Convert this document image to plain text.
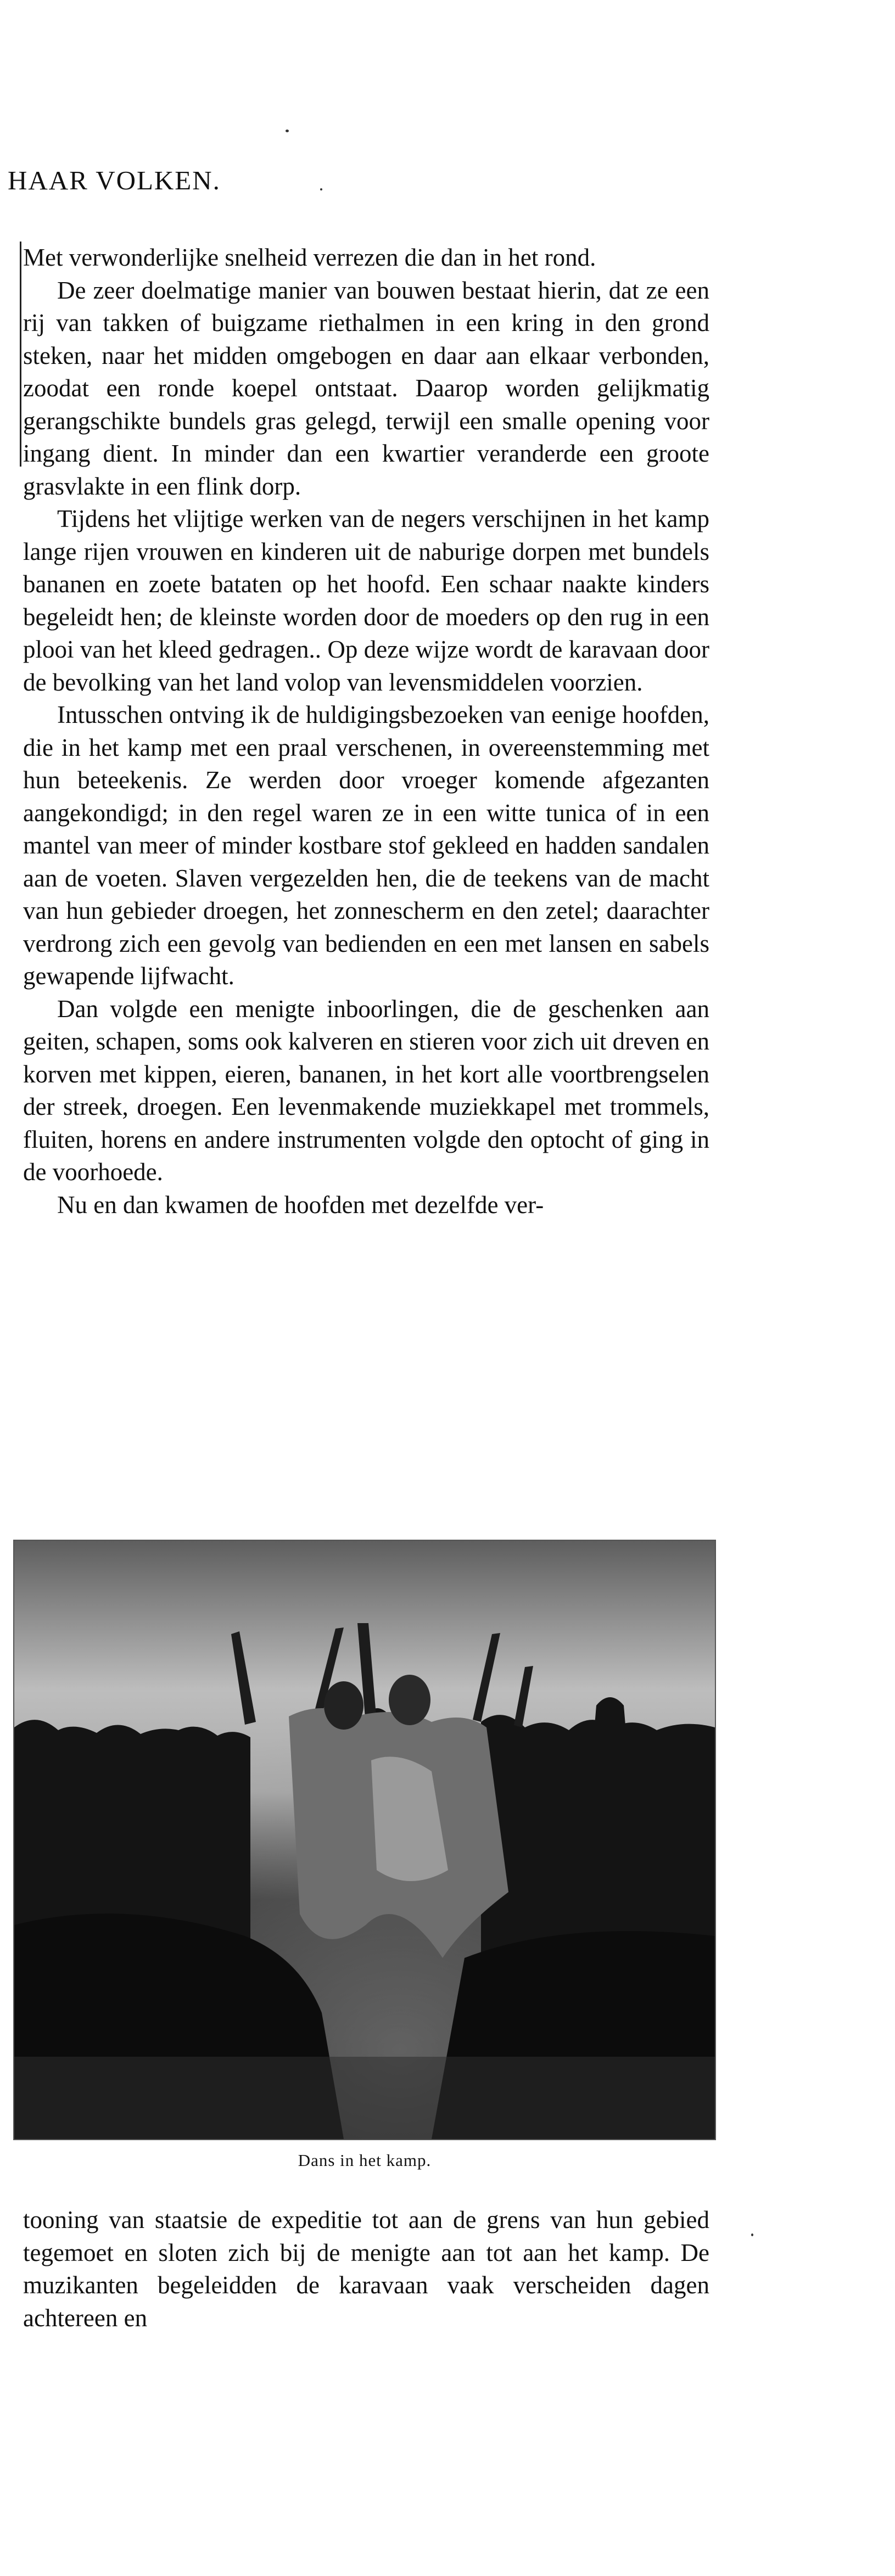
HAAR VOLKEN.

Met verwonderlijke snelheid verrezen die dan in het rond.

De zeer doelmatige manier van bouwen bestaat hierin, dat ze een rij van takken of buigzame riethalmen in een kring in den grond steken, naar het midden omgebogen en daar aan elkaar verbonden, zoodat een ronde koepel ontstaat. Daarop worden gelijkmatig gerangschikte bundels gras gelegd, terwijl een smalle opening voor ingang dient. In minder dan een kwartier veranderde een groote grasvlakte in een flink dorp.

Tijdens het vlijtige werken van de negers verschijnen in het kamp lange rijen vrouwen en kinderen uit de naburige dorpen met bundels bananen en zoete bataten op het hoofd. Een schaar naakte kinders begeleidt hen; de kleinste worden door de moeders op den rug in een plooi van het kleed gedragen.. Op deze wijze wordt de karavaan door de bevolking van het land volop van levensmiddelen voorzien.

Intusschen ontving ik de huldigingsbezoeken van eenige hoofden, die in het kamp met een praal verschenen, in overeenstemming met hun beteekenis. Ze werden door vroeger komende afgezanten aangekondigd; in den regel waren ze in een witte tunica of in een mantel van meer of minder kostbare stof gekleed en hadden sandalen aan de voeten. Slaven vergezelden hen, die de teekens van de macht van hun gebieder droegen, het zonnescherm en den zetel; daarachter verdrong zich een gevolg van bedienden en een met lansen en sabels gewapende lijfwacht.

Dan volgde een menigte inboorlingen, die de geschenken aan geiten, schapen, soms ook kalveren en stieren voor zich uit dreven en korven met kippen, eieren, bananen, in het kort alle voortbrengselen der streek, droegen. Een levenmakende muziekkapel met trommels, fluiten, horens en andere instrumenten volgde den optocht of ging in de voorhoede.

Nu en dan kwamen de hoofden met dezelfde ver-

Dans in het kamp.

tooning van staatsie de expeditie tot aan de grens van hun gebied tegemoet en sloten zich bij de menigte aan tot aan het kamp. De muzikanten begeleidden de karavaan vaak verscheiden dagen achtereen en
